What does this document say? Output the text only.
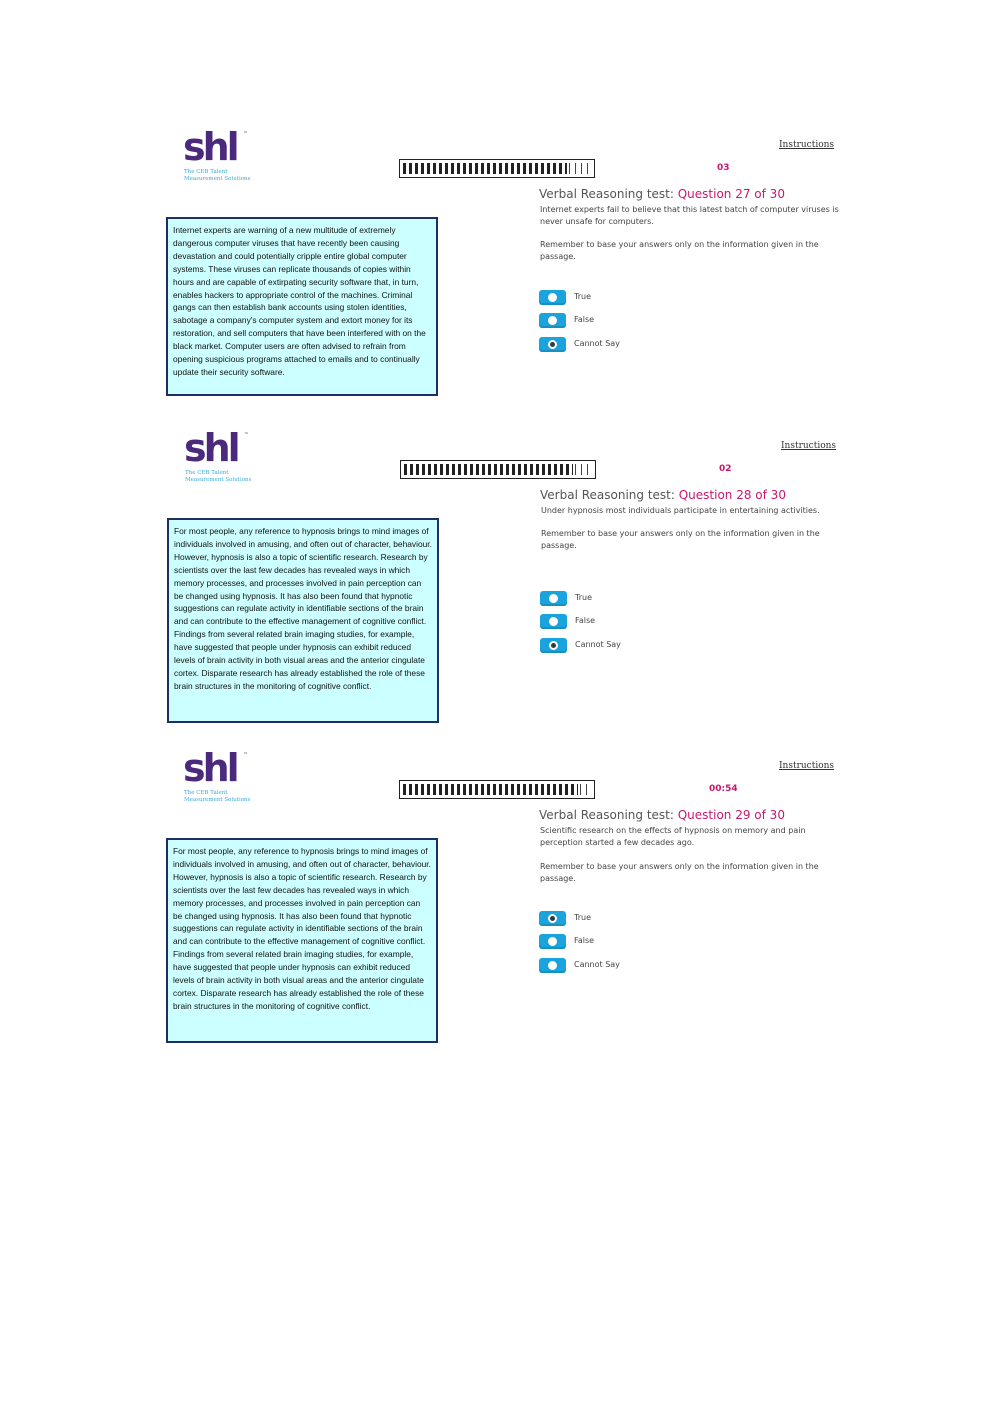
shl ™
The CEB Talent Measurement Solutions
Instructions
03
Verbal Reasoning test: Question 27 of 30
Internet experts fail to believe that this latest batch of computer viruses is never unsafe for computers.
Remember to base your answers only on the information given in the passage.
True
False
Cannot Say
Internet experts are warning of a new multitude of extremely dangerous computer viruses that have recently been causing devastation and could potentially cripple entire global computer systems. These viruses can replicate thousands of copies within hours and are capable of extirpating security software that, in turn, enables hackers to appropriate control of the machines. Criminal gangs can then establish bank accounts using stolen identities, sabotage a company's computer system and extort money for its restoration, and sell computers that have been interfered with on the black market. Computer users are often advised to refrain from opening suspicious programs attached to emails and to continually update their security software.
shl ™
The CEB Talent Measurement Solutions
Instructions
02
Verbal Reasoning test: Question 28 of 30
Under hypnosis most individuals participate in entertaining activities.
Remember to base your answers only on the information given in the passage.
True
False
Cannot Say
For most people, any reference to hypnosis brings to mind images of individuals involved in amusing, and often out of character, behaviour. However, hypnosis is also a topic of scientific research. Research by scientists over the last few decades has revealed ways in which memory processes, and processes involved in pain perception can be changed using hypnosis. It has also been found that hypnotic suggestions can regulate activity in identifiable sections of the brain and can contribute to the effective management of cognitive conflict. Findings from several related brain imaging studies, for example, have suggested that people under hypnosis can exhibit reduced levels of brain activity in both visual areas and the anterior cingulate cortex. Disparate research has already established the role of these brain structures in the monitoring of cognitive conflict.
shl ™
The CEB Talent Measurement Solutions
Instructions
00:54
Verbal Reasoning test: Question 29 of 30
Scientific research on the effects of hypnosis on memory and pain perception started a few decades ago.
Remember to base your answers only on the information given in the passage.
True
False
Cannot Say
For most people, any reference to hypnosis brings to mind images of individuals involved in amusing, and often out of character, behaviour. However, hypnosis is also a topic of scientific research. Research by scientists over the last few decades has revealed ways in which memory processes, and processes involved in pain perception can be changed using hypnosis. It has also been found that hypnotic suggestions can regulate activity in identifiable sections of the brain and can contribute to the effective management of cognitive conflict. Findings from several related brain imaging studies, for example, have suggested that people under hypnosis can exhibit reduced levels of brain activity in both visual areas and the anterior cingulate cortex. Disparate research has already established the role of these brain structures in the monitoring of cognitive conflict.
